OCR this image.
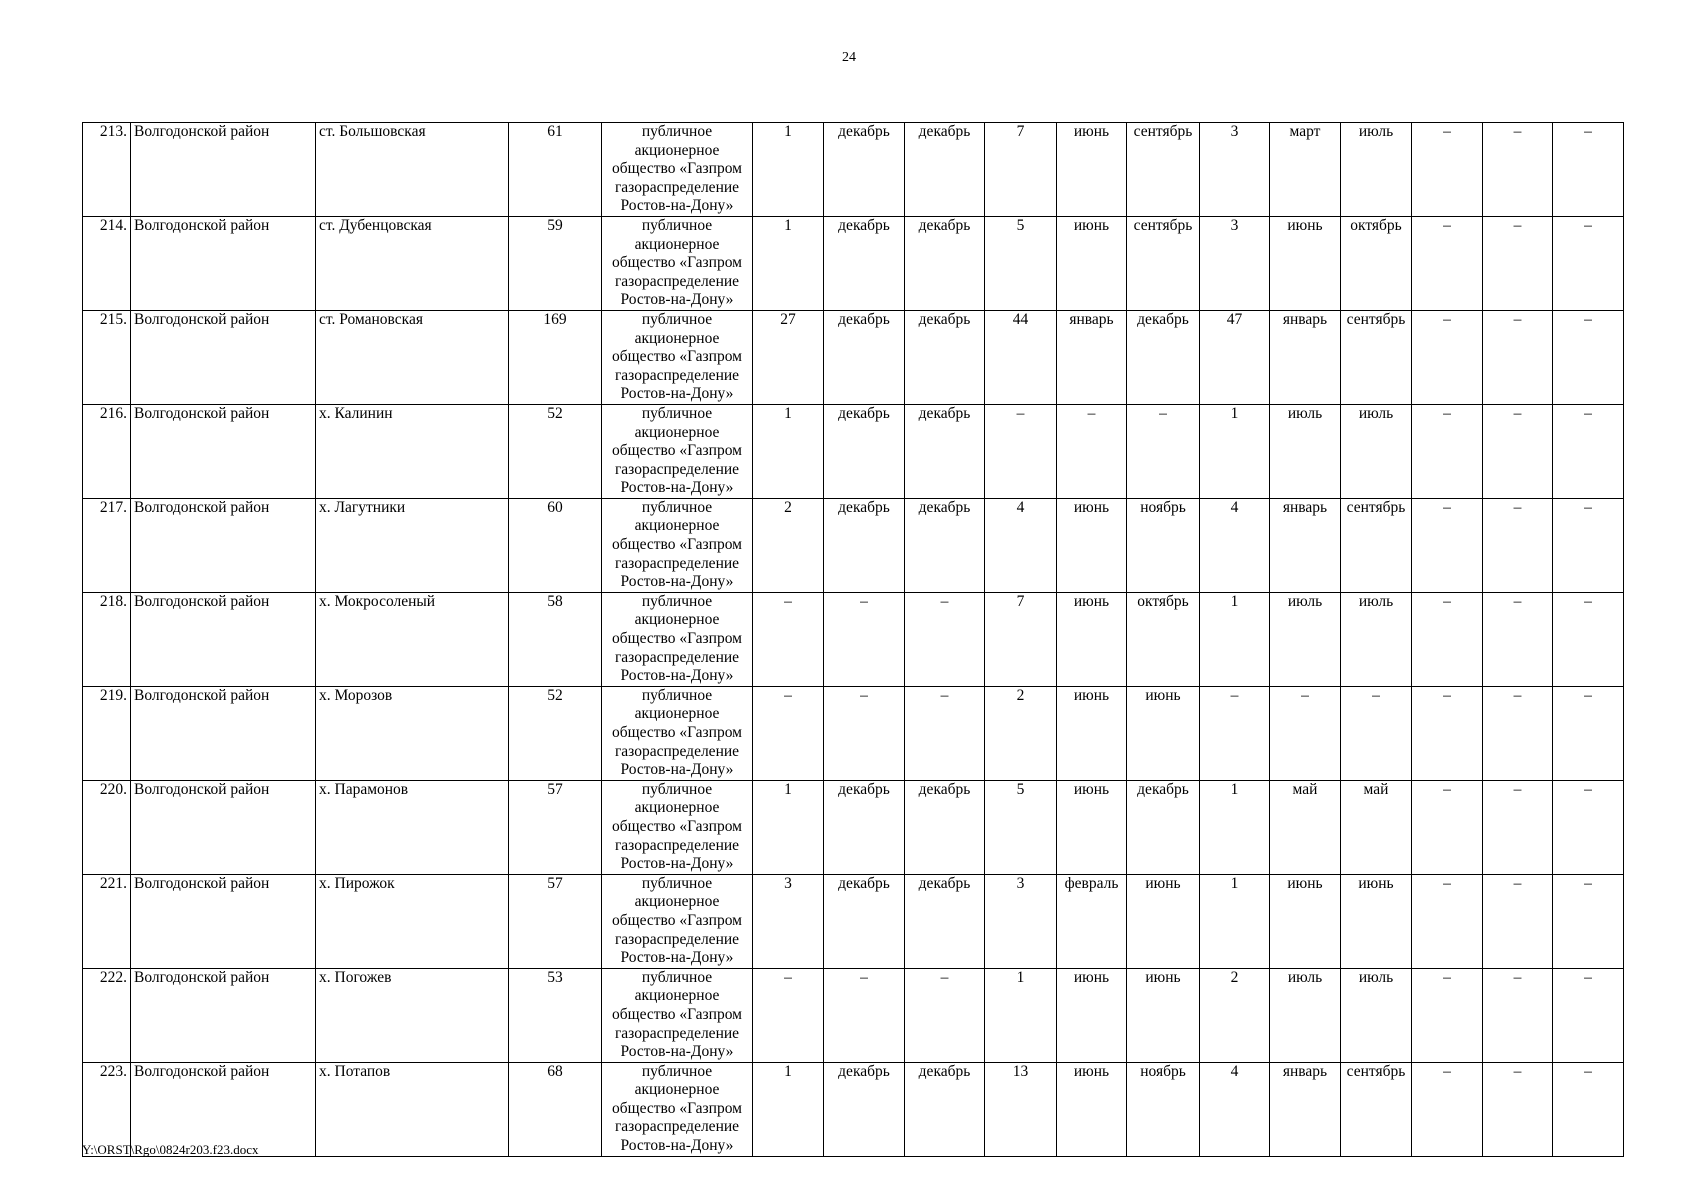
24
213.	Волгодонской район	ст. Большовская	61	публичное акционерное общество «Газпром газораспределение Ростов-на-Дону»	1	декабрь	декабрь	7	июнь	сентябрь	3	март	июль	–	–	–
214.	Волгодонской район	ст. Дубенцовская	59	публичное акционерное общество «Газпром газораспределение Ростов-на-Дону»	1	декабрь	декабрь	5	июнь	сентябрь	3	июнь	октябрь	–	–	–
215.	Волгодонской район	ст. Романовская	169	публичное акционерное общество «Газпром газораспределение Ростов-на-Дону»	27	декабрь	декабрь	44	январь	декабрь	47	январь	сентябрь	–	–	–
216.	Волгодонской район	х. Калинин	52	публичное акционерное общество «Газпром газораспределение Ростов-на-Дону»	1	декабрь	декабрь	–	–	–	1	июль	июль	–	–	–
217.	Волгодонской район	х. Лагутники	60	публичное акционерное общество «Газпром газораспределение Ростов-на-Дону»	2	декабрь	декабрь	4	июнь	ноябрь	4	январь	сентябрь	–	–	–
218.	Волгодонской район	х. Мокросоленый	58	публичное акционерное общество «Газпром газораспределение Ростов-на-Дону»	–	–	–	7	июнь	октябрь	1	июль	июль	–	–	–
219.	Волгодонской район	х. Морозов	52	публичное акционерное общество «Газпром газораспределение Ростов-на-Дону»	–	–	–	2	июнь	июнь	–	–	–	–	–	–
220.	Волгодонской район	х. Парамонов	57	публичное акционерное общество «Газпром газораспределение Ростов-на-Дону»	1	декабрь	декабрь	5	июнь	декабрь	1	май	май	–	–	–
221.	Волгодонской район	х. Пирожок	57	публичное акционерное общество «Газпром газораспределение Ростов-на-Дону»	3	декабрь	декабрь	3	февраль	июнь	1	июнь	июнь	–	–	–
222.	Волгодонской район	х. Погожев	53	публичное акционерное общество «Газпром газораспределение Ростов-на-Дону»	–	–	–	1	июнь	июнь	2	июль	июль	–	–	–
223.	Волгодонской район	х. Потапов	68	публичное акционерное общество «Газпром газораспределение Ростов-на-Дону»	1	декабрь	декабрь	13	июнь	ноябрь	4	январь	сентябрь	–	–	–
Y:\ORST\Rgo\0824r203.f23.docx
